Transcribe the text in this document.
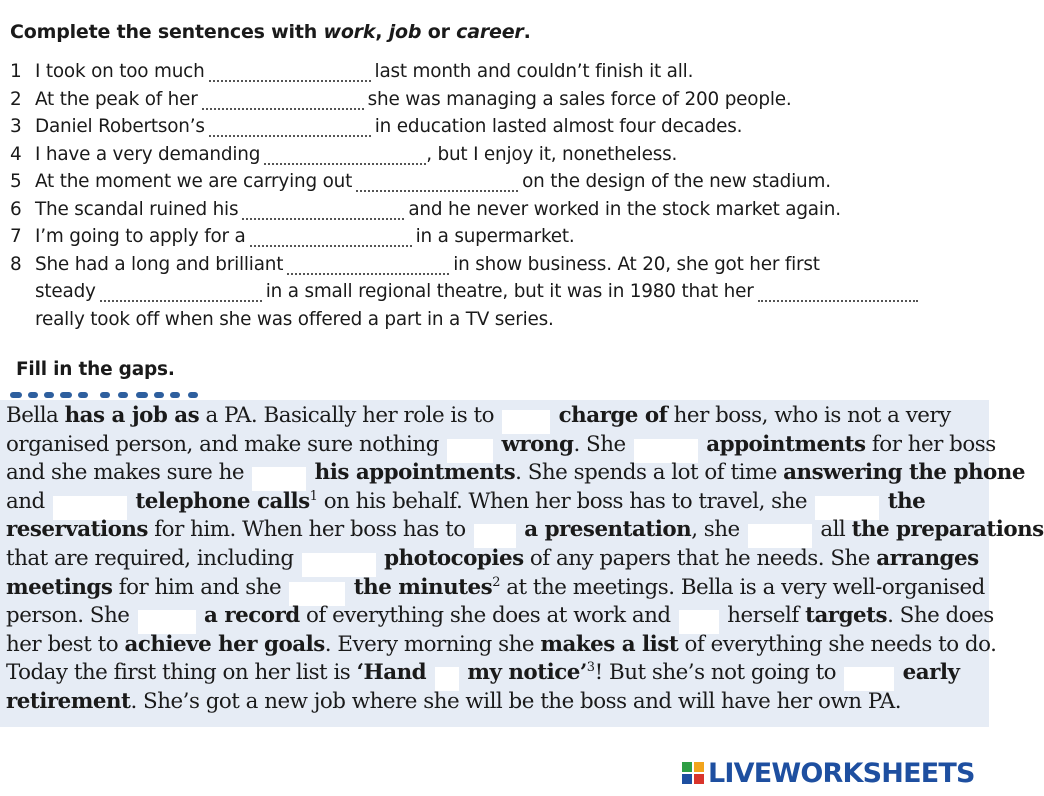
Complete the sentences with work, job or career.
1 I took on too much	last month and couldn’t finish it all.
2 At the peak of her	she was managing a sales force of 200 people.
3 Daniel Robertson’s	in education lasted almost four decades.
4 I have a very demanding	, but I enjoy it, nonetheless.
5 At the moment we are carrying out	on the design of the new stadium.
6 The scandal ruined his	and he never worked in the stock market again.
7 I’m going to apply for a	in a supermarket.
8 She had a long and brilliant	in show business. At 20, she got her first
steady	in a small regional theatre, but it was in 1980 that her
really took off when she was offered a part in a TV series.
Fill in the gaps.
Bella has a job as a PA. Basically her role is to	charge of her boss, who is not a very
organised person, and make sure nothing	wrong. She	appointments for her boss
and she makes sure he	his appointments. She spends a lot of time answering the phone
and	telephone calls$^1$ on his behalf. When her boss has to travel, she	the
reservations for him. When her boss has to  a presentation, she	all the preparations
that are required, including	photocopies of any papers that he needs. She arranges
meetings for him and she	the minutes$^2$ at the meetings. Bella is a very well-organised
person. She	a record of everything she does at work and  herself targets. She does
her best to achieve her goals. Every morning she makes a list of everything she needs to do.
Today the first thing on her list is ‘Hand  my notice’$^3$! But she’s not going to	early
retirement. She’s got a new job where she will be the boss and will have her own PA.
LIVEWORKSHEETS
